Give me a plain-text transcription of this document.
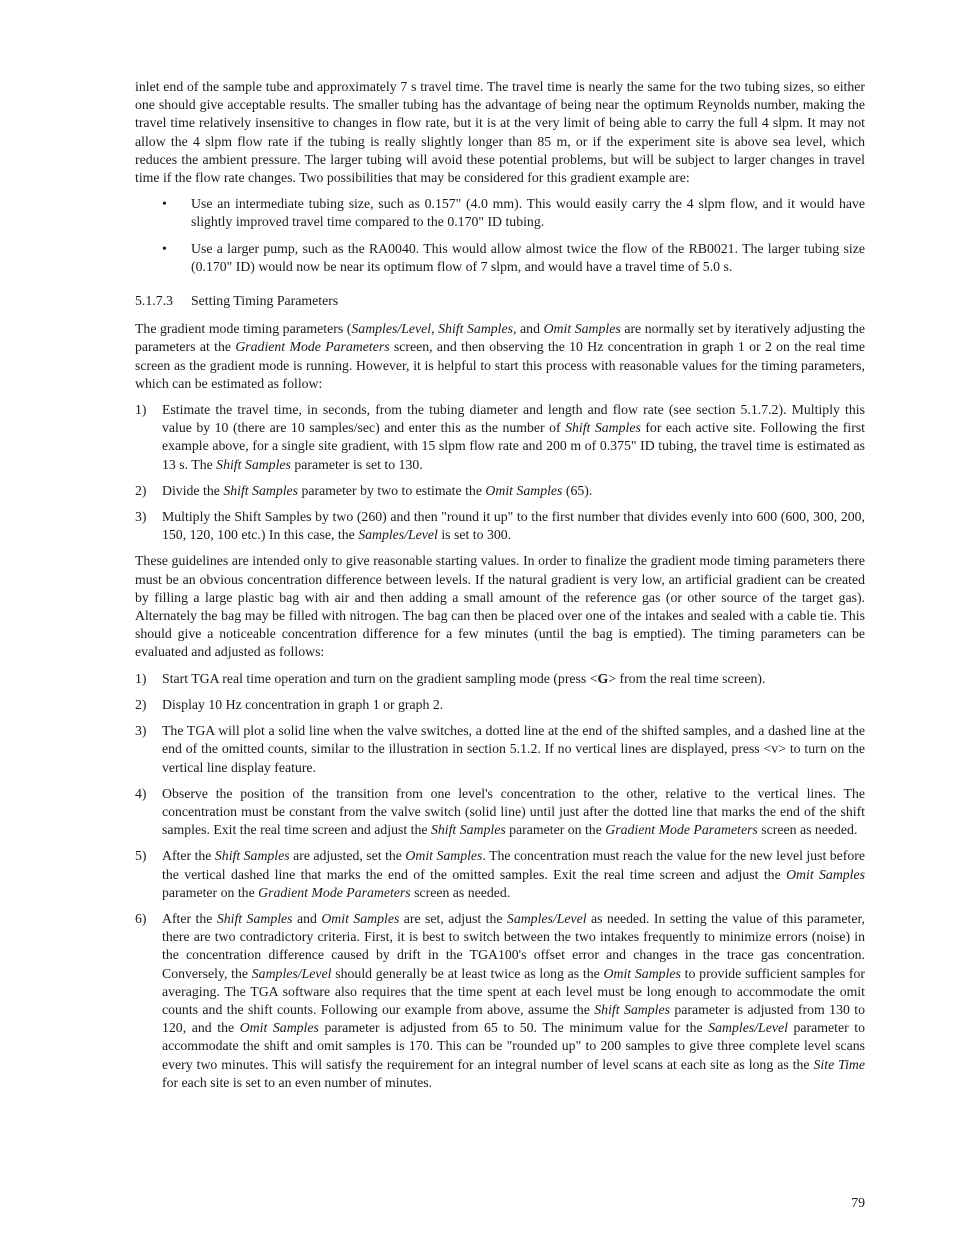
inlet end of the sample tube and approximately 7 s travel time. The travel time is nearly the same for the two tubing sizes, so either one should give acceptable results. The smaller tubing has the advantage of being near the optimum Reynolds number, making the travel time relatively insensitive to changes in flow rate, but it is at the very limit of being able to carry the full 4 slpm. It may not allow the 4 slpm flow rate if the tubing is really slightly longer than 85 m, or if the experiment site is above sea level, which reduces the ambient pressure. The larger tubing will avoid these potential problems, but will be subject to larger changes in travel time if the flow rate changes. Two possibilities that may be considered for this gradient example are:

• Use an intermediate tubing size, such as 0.157" (4.0 mm). This would easily carry the 4 slpm flow, and it would have slightly improved travel time compared to the 0.170" ID tubing.
• Use a larger pump, such as the RA0040. This would allow almost twice the flow of the RB0021. The larger tubing size (0.170" ID) would now be near its optimum flow of 7 slpm, and would have a travel time of 5.0 s.
5.1.7.3 Setting Timing Parameters

The gradient mode timing parameters (Samples/Level, Shift Samples, and Omit Samples are normally set by iteratively adjusting the parameters at the Gradient Mode Parameters screen, and then observing the 10 Hz concentration in graph 1 or 2 on the real time screen as the gradient mode is running. However, it is helpful to start this process with reasonable values for the timing parameters, which can be estimated as follow:

1) Estimate the travel time, in seconds, from the tubing diameter and length and flow rate (see section 5.1.7.2). Multiply this value by 10 (there are 10 samples/sec) and enter this as the number of Shift Samples for each active site. Following the first example above, for a single site gradient, with 15 slpm flow rate and 200 m of 0.375" ID tubing, the travel time is estimated as 13 s. The Shift Samples parameter is set to 130.
2) Divide the Shift Samples parameter by two to estimate the Omit Samples (65).
3) Multiply the Shift Samples by two (260) and then "round it up" to the first number that divides evenly into 600 (600, 300, 200, 150, 120, 100 etc.) In this case, the Samples/Level is set to 300.

These guidelines are intended only to give reasonable starting values. In order to finalize the gradient mode timing parameters there must be an obvious concentration difference between levels. If the natural gradient is very low, an artificial gradient can be created by filling a large plastic bag with air and then adding a small amount of the reference gas (or other source of the target gas). Alternately the bag may be filled with nitrogen. The bag can then be placed over one of the intakes and sealed with a cable tie. This should give a noticeable concentration difference for a few minutes (until the bag is emptied). The timing parameters can be evaluated and adjusted as follows:

1) Start TGA real time operation and turn on the gradient sampling mode (press <G> from the real time screen).
2) Display 10 Hz concentration in graph 1 or graph 2.
3) The TGA will plot a solid line when the valve switches, a dotted line at the end of the shifted samples, and a dashed line at the end of the omitted counts, similar to the illustration in section 5.1.2. If no vertical lines are displayed, press <v> to turn on the vertical line display feature.
4) Observe the position of the transition from one level's concentration to the other, relative to the vertical lines. The concentration must be constant from the valve switch (solid line) until just after the dotted line that marks the end of the shift samples. Exit the real time screen and adjust the Shift Samples parameter on the Gradient Mode Parameters screen as needed.
5) After the Shift Samples are adjusted, set the Omit Samples. The concentration must reach the value for the new level just before the vertical dashed line that marks the end of the omitted samples. Exit the real time screen and adjust the Omit Samples parameter on the Gradient Mode Parameters screen as needed.
6) After the Shift Samples and Omit Samples are set, adjust the Samples/Level as needed. In setting the value of this parameter, there are two contradictory criteria. First, it is best to switch between the two intakes frequently to minimize errors (noise) in the concentration difference caused by drift in the TGA100's offset error and changes in the trace gas concentration. Conversely, the Samples/Level should generally be at least twice as long as the Omit Samples to provide sufficient samples for averaging. The TGA software also requires that the time spent at each level must be long enough to accommodate the omit counts and the shift counts. Following our example from above, assume the Shift Samples parameter is adjusted from 130 to 120, and the Omit Samples parameter is adjusted from 65 to 50. The minimum value for the Samples/Level parameter to accommodate the shift and omit samples is 170. This can be "rounded up" to 200 samples to give three complete level scans every two minutes. This will satisfy the requirement for an integral number of level scans at each site as long as the Site Time for each site is set to an even number of minutes.
79
